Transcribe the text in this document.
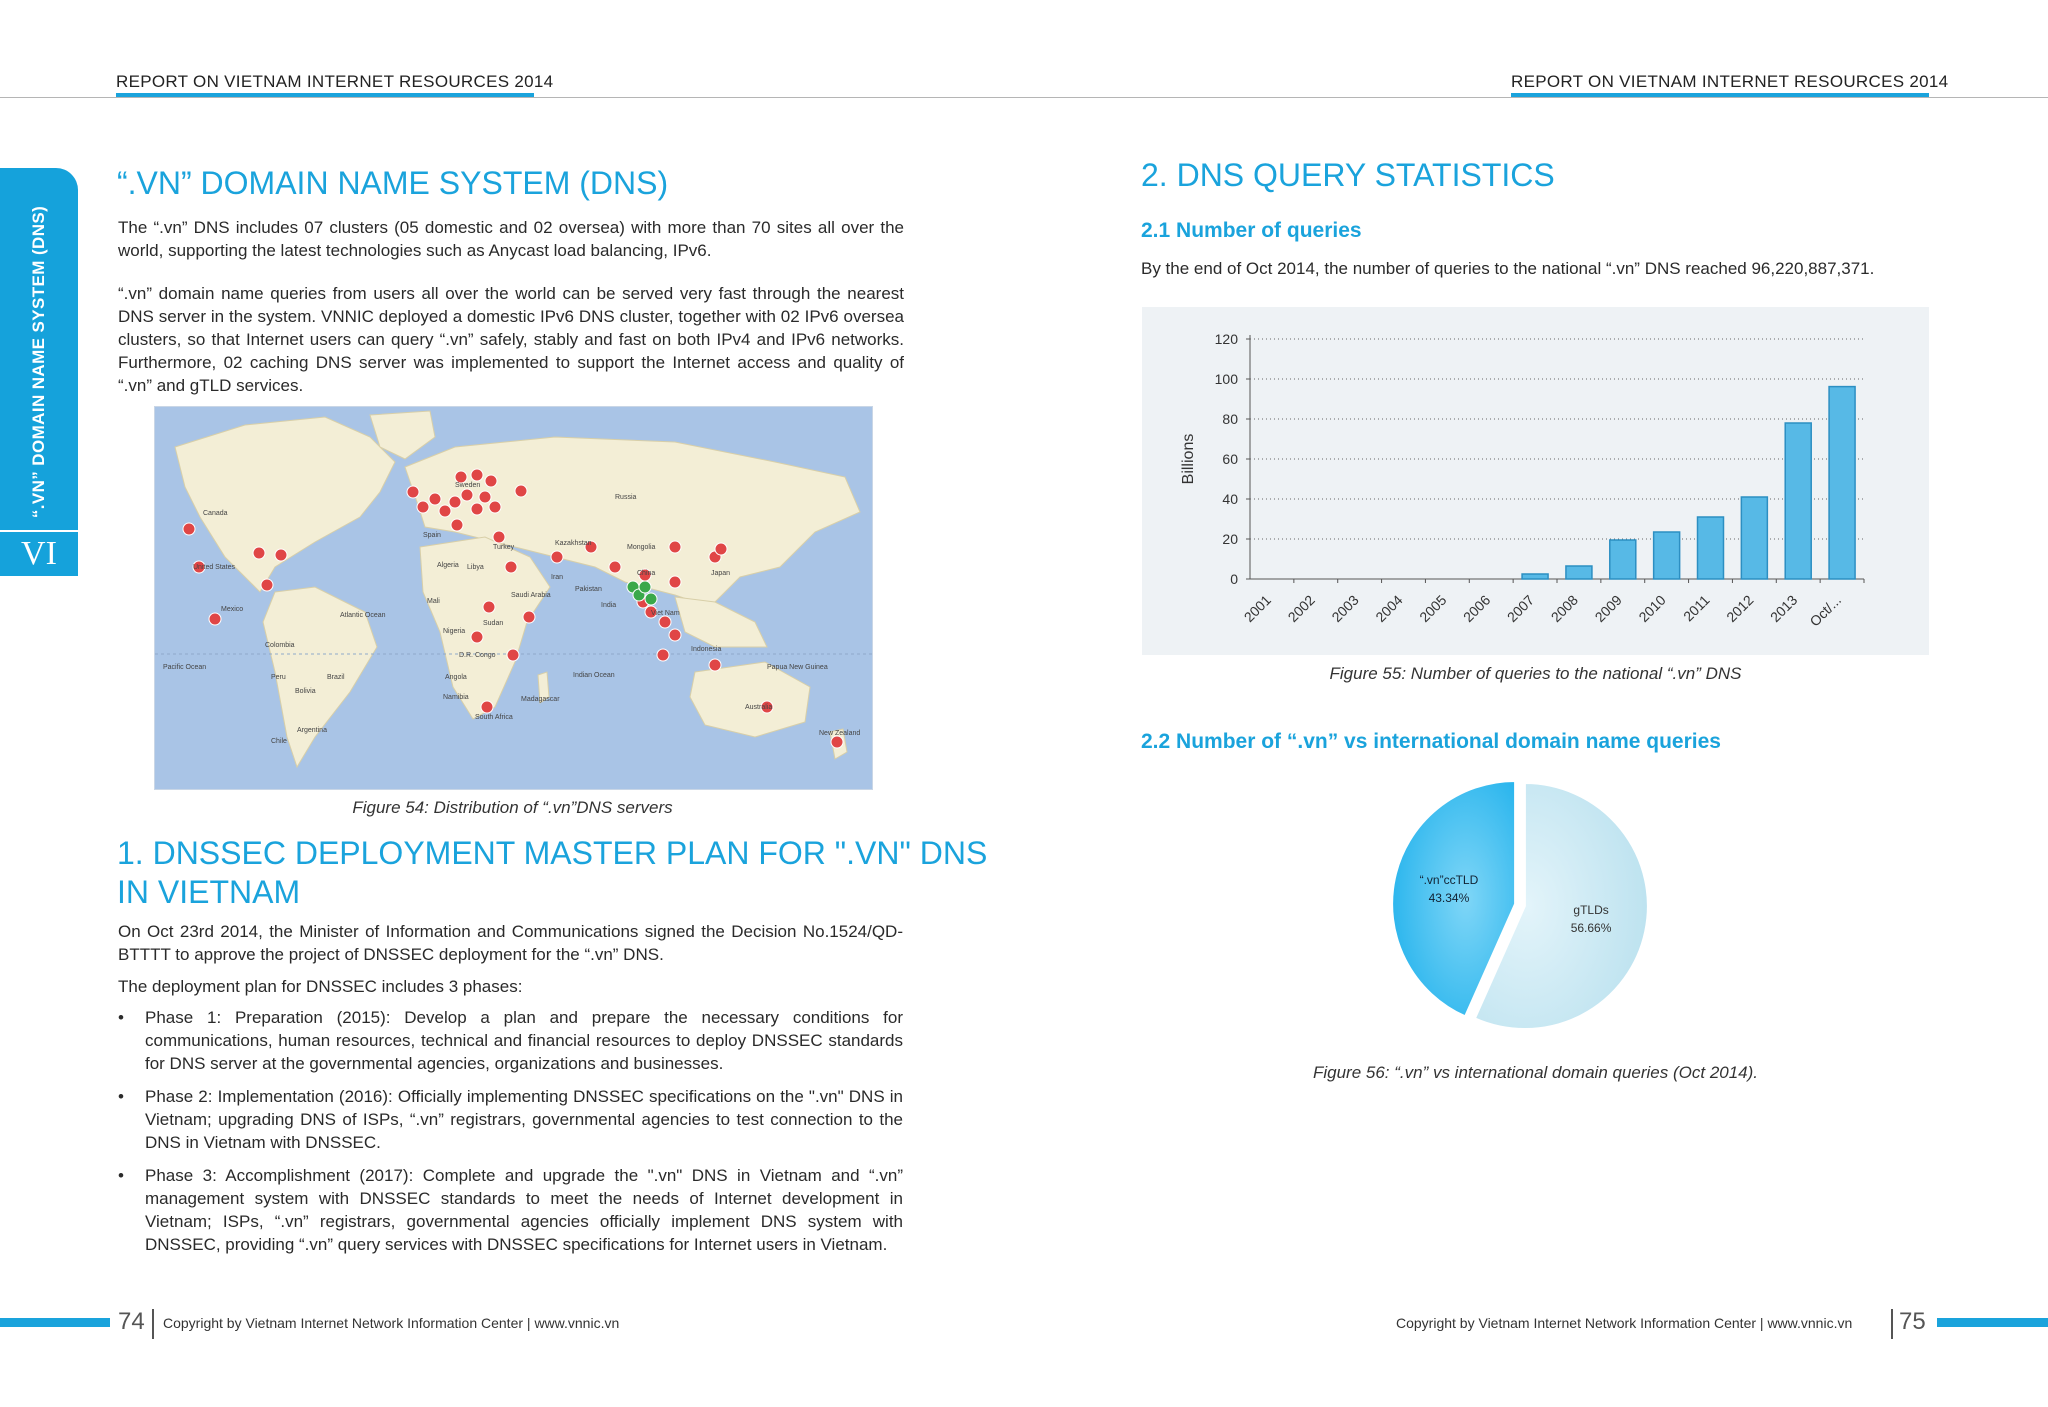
REPORT ON VIETNAM INTERNET RESOURCES 2014	REPORT ON VIETNAM INTERNET RESOURCES 2014
“.VN” DOMAIN NAME SYSTEM (DNS)
VI
“.VN” DOMAIN NAME SYSTEM (DNS)

The “.vn” DNS includes 07 clusters (05 domestic and 02 oversea) with more than 70 sites all over the world, supporting the latest technologies such as Anycast load balancing, IPv6.

“.vn” domain name queries from users all over the world can be served very fast through the nearest DNS server in the system. VNNIC deployed a domestic IPv6 DNS cluster, together with 02 IPv6 oversea clusters, so that Internet users can query “.vn” safely, stably and fast on both IPv4 and IPv6 networks. Furthermore, 02 caching DNS server was implemented to support the Internet access and quality of “.vn” and gTLD services.

Canada
United States
Mexico
Atlantic Ocean
Colombia
Peru	Brazil
Bolivia
Argentina
Chile
Pacific Ocean
Sweden
Russia
Kazakhstan
Mongolia
Spain
Turkey
China	Japan
Algeria Libya
Iran
Pakistan
India
Mali
Saudi Arabia
Sudan
Nigeria
D.R. Congo
Angola
Namibia
South Africa
Madagascar
Indian Ocean
Indonesia
Papua New Guinea
Australia
New Zealand
Viet Nam
Figure 54: Distribution of “.vn”DNS servers
1. DNSSEC DEPLOYMENT MASTER PLAN FOR ".VN" DNS
IN VIETNAM

On Oct 23rd 2014, the Minister of Information and Communications signed the Decision No.1524/QD-BTTTT to approve the project of DNSSEC deployment for the “.vn” DNS.

The deployment plan for DNSSEC includes 3 phases:

• Phase 1: Preparation (2015): Develop a plan and prepare the necessary conditions for communications, human resources, technical and financial resources to deploy DNSSEC standards for DNS server at the governmental agencies, organizations and businesses.
• Phase 2: Implementation (2016): Officially implementing DNSSEC specifications on the ".vn" DNS in Vietnam; upgrading DNS of ISPs, “.vn” registrars, governmental agencies to test connection to the DNS in Vietnam with DNSSEC.
• Phase 3: Accomplishment (2017): Complete and upgrade the ".vn" DNS in Vietnam and “.vn” management system with DNSSEC standards to meet the needs of Internet development in Vietnam; ISPs, “.vn” registrars, governmental agencies officially implement DNS system with DNSSEC, providing “.vn” query services with DNSSEC specifications for Internet users in Vietnam.
2. DNS QUERY STATISTICS
2.1 Number of queries

By the end of Oct 2014, the number of queries to the national “.vn” DNS reached 96,220,887,371.

0
20
40
60
80
100
120
2001 2002 2003 2004 2005 2006 2007 2008 2009 2010 2011 2012 2013 Oct/...
Billions
Figure 55: Number of queries to the national “.vn” DNS
2.2 Number of “.vn” vs international domain name queries
“.vn”ccTLD
43.34%
gTLDs
56.66%
Figure 56: “.vn” vs international domain queries (Oct 2014).
74 Copyright by Vietnam Internet Network Information Center | www.vnnic.vn	Copyright by Vietnam Internet Network Information Center | www.vnnic.vn 75
